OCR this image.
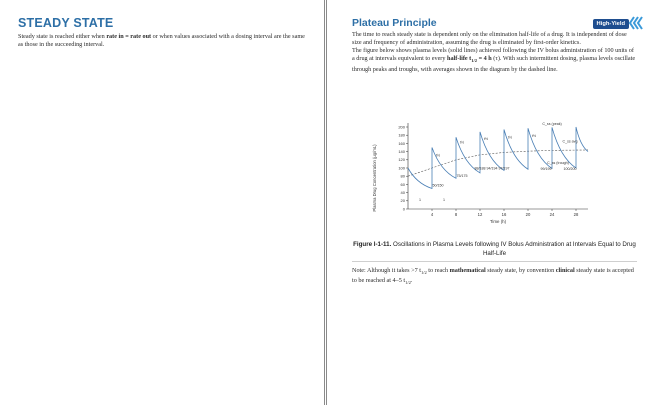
STEADY STATE

Steady state is reached either when rate in = rate out or when values associated with a dosing interval are the same as those in the succeeding interval.

Plateau Principle	High-Yield

The time to reach steady state is dependent only on the elimination half-life of a drug. It is independent of dose size and frequency of administration, assuming the drug is eliminated by first-order kinetics.

The figure below shows plasma levels (solid lines) achieved following the IV bolus administration of 100 units of a drug at intervals equivalent to every half-life $t_{1/2} = 4$ h (τ). With such intermittent dosing, plasma levels oscillate through peaks and troughs, with averages shown in the diagram by the dashed line.

0
20
40
60
80
100
120
140
160
180
200
4	8	12	16	20	24	28
Time (h)
Plasma Drug Concentration (μg/mL)
C_ss (peak)
C_ss avg
C_ss (trough)
88/188 94/194 97/197	99/199	100/200
75/175
50/150
1	1
t½
t½
t½	t½	t½
Figure I-1-11. Oscillations in Plasma Levels following IV Bolus Administration at Intervals Equal to Drug Half-Life

Note: Although it takes >7 $t_{1/2}$ to reach mathematical steady state, by convention clinical steady state is accepted to be reached at 4–5 $t_{1/2}$.
